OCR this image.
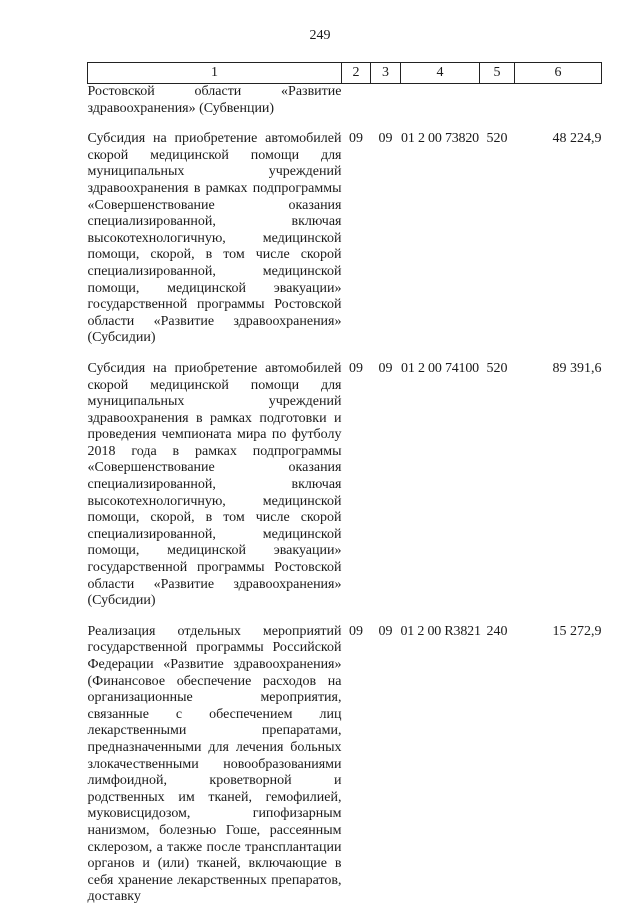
249
1	2	3	4	5	6
Ростовской области «Развитие здравоохранения» (Субвенции)					

Субсидия на приобретение автомобилей скорой медицинской помощи для муниципальных учреждений здравоохранения в рамках подпрограммы «Совершенствование оказания специализированной, включая высокотехнологичную, медицинской помощи, скорой, в том числе скорой специализированной, медицинской помощи, медицинской эвакуации» государственной программы Ростовской области «Развитие здравоохранения» (Субсидии)	09	09	01 2 00 73820	520	48 224,9

Субсидия на приобретение автомобилей скорой медицинской помощи для муниципальных учреждений здравоохранения в рамках подготовки и проведения чемпионата мира по футболу 2018 года в рамках подпрограммы «Совершенствование оказания специализированной, включая высокотехнологичную, медицинской помощи, скорой, в том числе скорой специализированной, медицинской помощи, медицинской эвакуации» государственной программы Ростовской области «Развитие здравоохранения» (Субсидии)	09	09	01 2 00 74100	520	89 391,6

Реализация отдельных мероприятий государственной программы Российской Федерации «Развитие здравоохранения» (Финансовое обеспечение расходов на организационные мероприятия, связанные с обеспечением лиц лекарственными препаратами, предназначенными для лечения больных злокачественными новообразованиями лимфоидной, кроветворной и родственных им тканей, гемофилией, муковисцидозом, гипофизарным нанизмом, болезнью Гоше, рассеянным склерозом, а также после трансплантации органов и (или) тканей, включающие в себя хранение лекарственных препаратов, доставку	09	09	01 2 00 R3821	240	15 272,9
